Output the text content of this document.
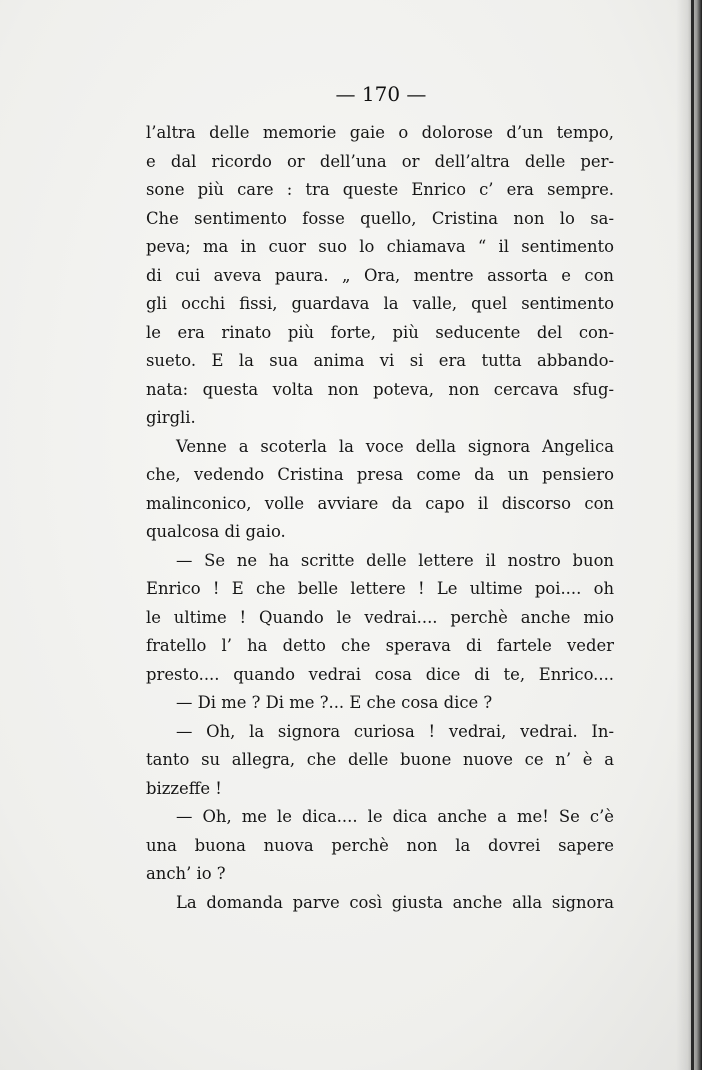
— 170 —
l’altra delle memorie gaie o dolorose d’un tempo,
e dal ricordo or dell’una or dell’altra delle per-
sone più care : tra queste Enrico c’ era sempre.
Che sentimento fosse quello, Cristina non lo sa-
peva; ma in cuor suo lo chiamava “ il sentimento
di cui aveva paura. „ Ora, mentre assorta e con
gli occhi fissi, guardava la valle, quel sentimento
le era rinato più forte, più seducente del con-
sueto. E la sua anima vi si era tutta abbando-
nata: questa volta non poteva, non cercava sfug-
girgli.
Venne a scoterla la voce della signora Angelica
che, vedendo Cristina presa come da un pensiero
malinconico, volle avviare da capo il discorso con
qualcosa di gaio.
— Se ne ha scritte delle lettere il nostro buon
Enrico ! E che belle lettere ! Le ultime poi.... oh
le ultime ! Quando le vedrai.... perchè anche mio
fratello l’ ha detto che sperava di fartele veder
presto.... quando vedrai cosa dice di te, Enrico....
— Di me ? Di me ?... E che cosa dice ?
— Oh, la signora curiosa ! vedrai, vedrai. In-
tanto su allegra, che delle buone nuove ce n’ è a
bizzeffe !
— Oh, me le dica.... le dica anche a me! Se c’è
una buona nuova perchè non la dovrei sapere
anch’ io ?
La domanda parve così giusta anche alla signora
